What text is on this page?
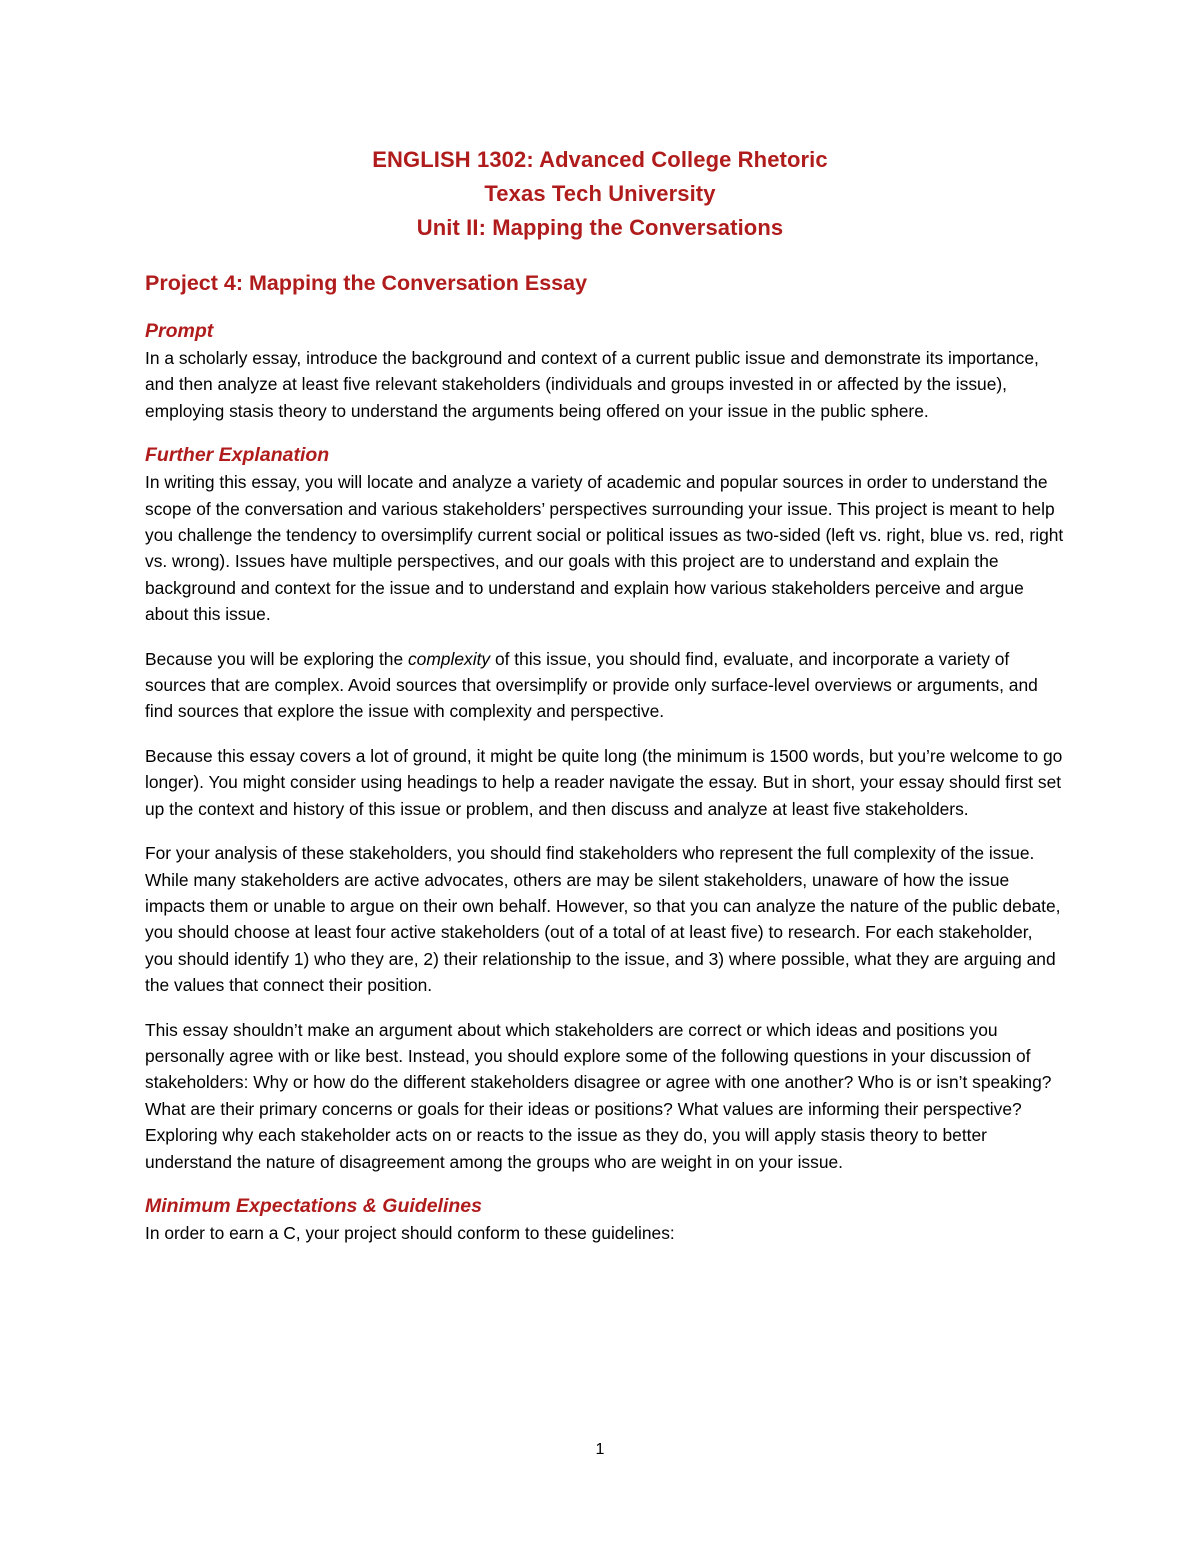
ENGLISH 1302: Advanced College Rhetoric
Texas Tech University
Unit II: Mapping the Conversations
Project 4: Mapping the Conversation Essay
Prompt

In a scholarly essay, introduce the background and context of a current public issue and demonstrate its importance, and then analyze at least five relevant stakeholders (individuals and groups invested in or affected by the issue), employing stasis theory to understand the arguments being offered on your issue in the public sphere.

Further Explanation

In writing this essay, you will locate and analyze a variety of academic and popular sources in order to understand the scope of the conversation and various stakeholders’ perspectives surrounding your issue. This project is meant to help you challenge the tendency to oversimplify current social or political issues as two-sided (left vs. right, blue vs. red, right vs. wrong). Issues have multiple perspectives, and our goals with this project are to understand and explain the background and context for the issue and to understand and explain how various stakeholders perceive and argue about this issue.

Because you will be exploring the complexity of this issue, you should find, evaluate, and incorporate a variety of sources that are complex. Avoid sources that oversimplify or provide only surface-level overviews or arguments, and find sources that explore the issue with complexity and perspective.

Because this essay covers a lot of ground, it might be quite long (the minimum is 1500 words, but you’re welcome to go longer). You might consider using headings to help a reader navigate the essay. But in short, your essay should first set up the context and history of this issue or problem, and then discuss and analyze at least five stakeholders.

For your analysis of these stakeholders, you should find stakeholders who represent the full complexity of the issue. While many stakeholders are active advocates, others are may be silent stakeholders, unaware of how the issue impacts them or unable to argue on their own behalf. However, so that you can analyze the nature of the public debate, you should choose at least four active stakeholders (out of a total of at least five) to research. For each stakeholder, you should identify 1) who they are, 2) their relationship to the issue, and 3) where possible, what they are arguing and the values that connect their position.

This essay shouldn’t make an argument about which stakeholders are correct or which ideas and positions you personally agree with or like best. Instead, you should explore some of the following questions in your discussion of stakeholders: Why or how do the different stakeholders disagree or agree with one another? Who is or isn’t speaking? What are their primary concerns or goals for their ideas or positions? What values are informing their perspective? Exploring why each stakeholder acts on or reacts to the issue as they do, you will apply stasis theory to better understand the nature of disagreement among the groups who are weight in on your issue.

Minimum Expectations & Guidelines

In order to earn a C, your project should conform to these guidelines:

1
